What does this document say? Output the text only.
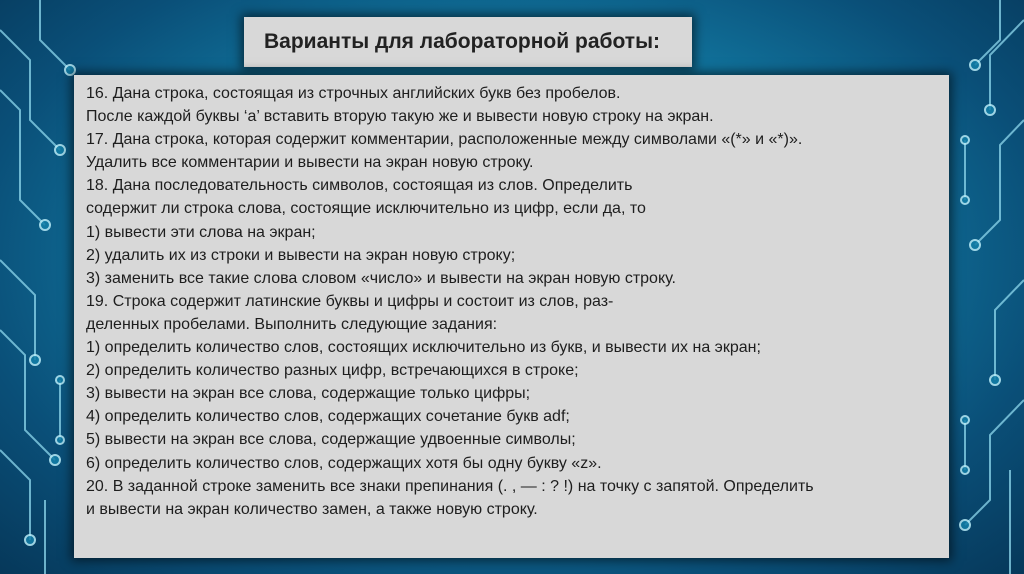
Варианты для лабораторной работы:
16. Дана строка, состоящая из строчных английских букв без пробелов.
После каждой буквы ‘a’ вставить вторую такую же и вывести новую строку на экран.
17. Дана строка, которая содержит комментарии, расположенные между символами «(*» и «*)».
Удалить все комментарии и вывести на экран новую строку.
18. Дана последовательность символов, состоящая из слов. Определить
содержит ли строка слова, состоящие исключительно из цифр, если да, то
1) вывести эти слова на экран;
2) удалить их из строки и вывести на экран новую строку;
3) заменить все такие слова словом «число» и вывести на экран новую строку.
19. Строка содержит латинские буквы и цифры и состоит из слов, раз-
деленных пробелами. Выполнить следующие задания:
1) определить количество слов, состоящих исключительно из букв, и вывести их на экран;
2) определить количество разных цифр, встречающихся в строке;
3) вывести на экран все слова, содержащие только цифры;
4) определить количество слов, содержащих сочетание букв adf;
5) вывести на экран все слова, содержащие удвоенные символы;
6) определить количество слов, содержащих хотя бы одну букву «z».
20. В заданной строке заменить все знаки препинания (. , — : ? !) на точку с запятой. Определить
и вывести на экран количество замен, а также новую строку.
